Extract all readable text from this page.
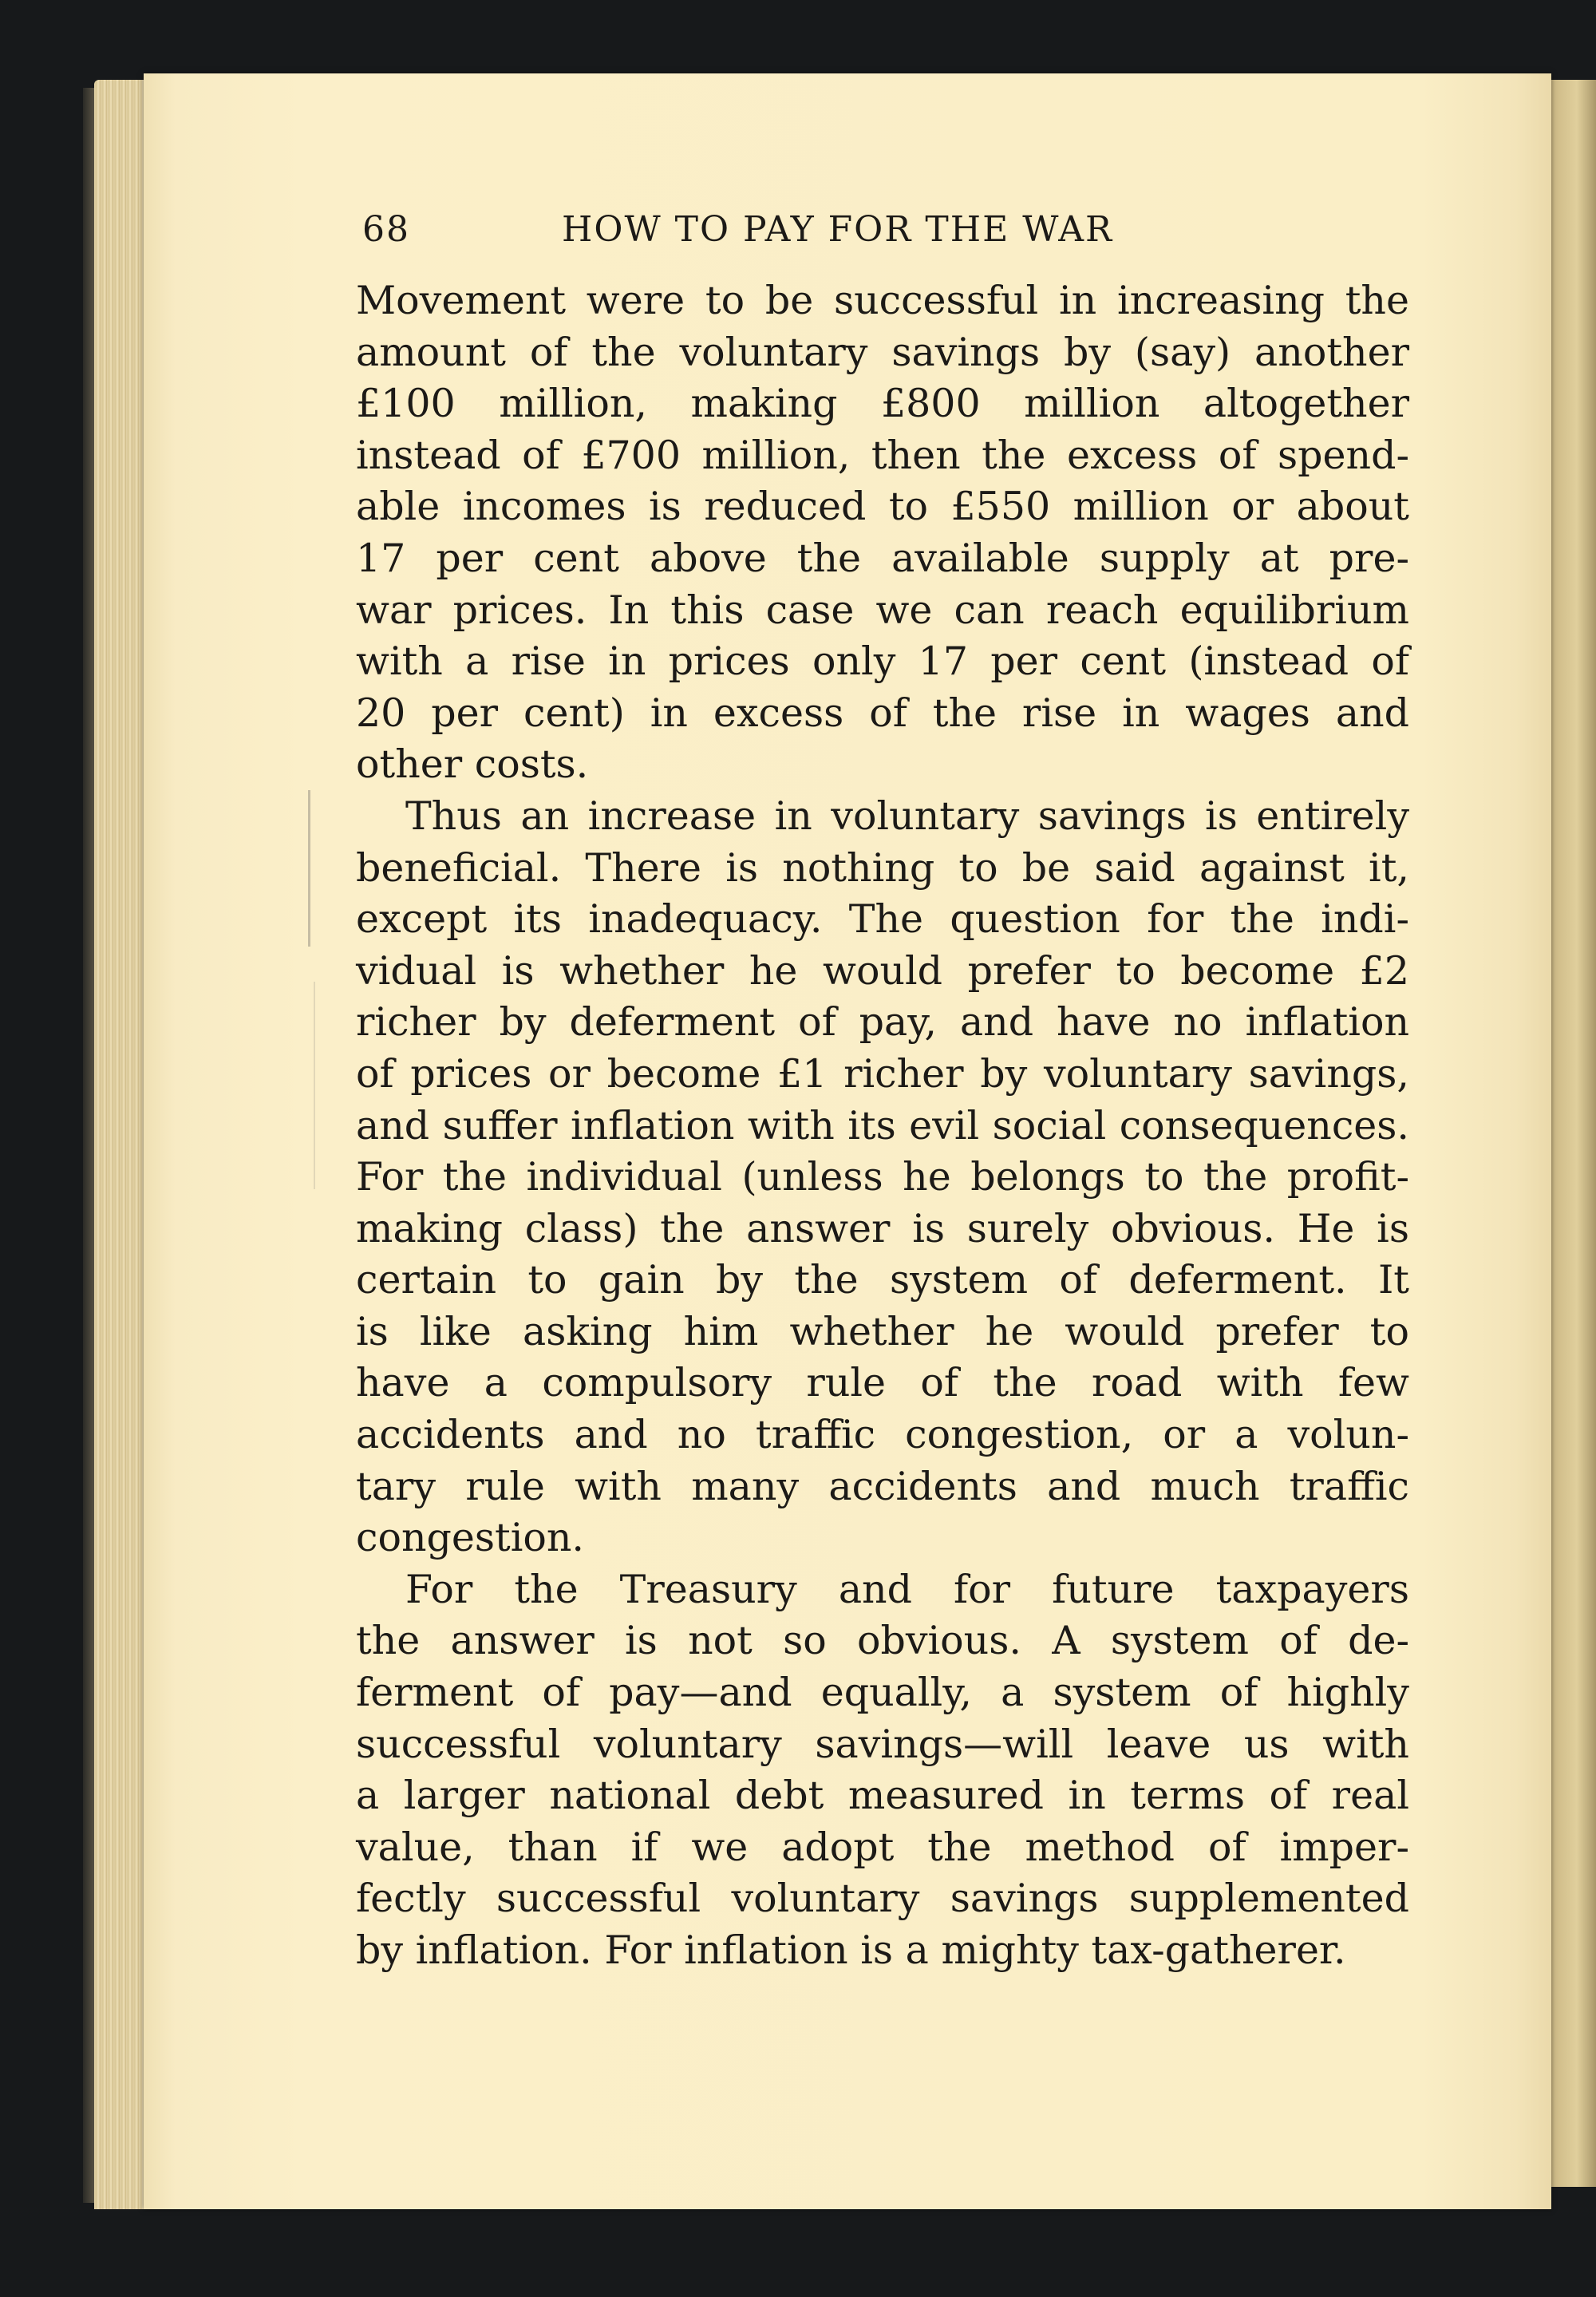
68	HOW TO PAY FOR THE WAR
Movement were to be successful in increasing the
amount of the voluntary savings by (say) another
£100 million, making £800 million altogether
instead of £700 million, then the excess of spend-
able incomes is reduced to £550 million or about
17 per cent above the available supply at pre-
war prices. In this case we can reach equilibrium
with a rise in prices only 17 per cent (instead of
20 per cent) in excess of the rise in wages and
other costs.
Thus an increase in voluntary savings is entirely
beneficial. There is nothing to be said against it,
except its inadequacy. The question for the indi-
vidual is whether he would prefer to become £2
richer by deferment of pay, and have no inflation
of prices or become £1 richer by voluntary savings,
and suffer inflation with its evil social consequences.
For the individual (unless he belongs to the profit-
making class) the answer is surely obvious. He is
certain to gain by the system of deferment. It
is like asking him whether he would prefer to
have a compulsory rule of the road with few
accidents and no traffic congestion, or a volun-
tary rule with many accidents and much traffic
congestion.
For the Treasury and for future taxpayers
the answer is not so obvious. A system of de-
ferment of pay—and equally, a system of highly
successful voluntary savings—will leave us with
a larger national debt measured in terms of real
value, than if we adopt the method of imper-
fectly successful voluntary savings supplemented
by inflation. For inflation is a mighty tax-gatherer.
